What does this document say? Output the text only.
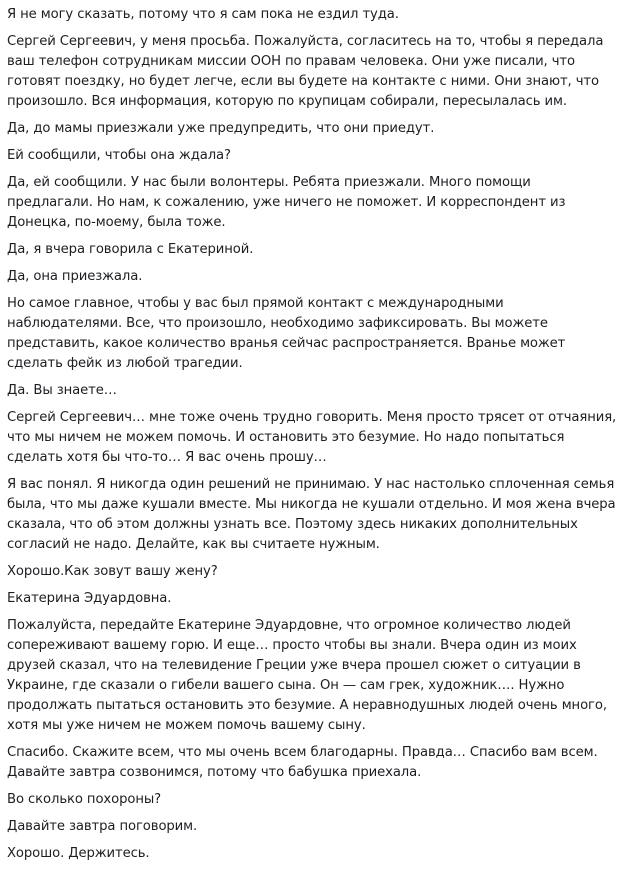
Я не могу сказать, потому что я сам пока не ездил туда.

Сергей Сергеевич, у меня просьба. Пожалуйста, согласитесь на то, чтобы я передала ваш телефон сотрудникам миссии ООН по правам человека. Они уже писали, что готовят поездку, но будет легче, если вы будете на контакте с ними. Они знают, что произошло. Вся информация, которую по крупицам собирали, пересылалась им.

Да, до мамы приезжали уже предупредить, что они приедут.

Ей сообщили, чтобы она ждала?

Да, ей сообщили. У нас были волонтеры. Ребята приезжали. Много помощи предлагали. Но нам, к сожалению, уже ничего не поможет. И корреспондент из Донецка, по-моему, была тоже.

Да, я вчера говорила с Екатериной.

Да, она приезжала.

Но самое главное, чтобы у вас был прямой контакт с международными наблюдателями. Все, что произошло, необходимо зафиксировать. Вы можете представить, какое количество вранья сейчас распространяется. Вранье может сделать фейк из любой трагедии.

Да. Вы знаете…

Сергей Сергеевич… мне тоже очень трудно говорить. Меня просто трясет от отчаяния, что мы ничем не можем помочь. И остановить это безумие. Но надо попытаться сделать хотя бы что-то… Я вас очень прошу…

Я вас понял. Я никогда один решений не принимаю. У нас настолько сплоченная семья была, что мы даже кушали вместе. Мы никогда не кушали отдельно. И моя жена вчера сказала, что об этом должны узнать все. Поэтому здесь никаких дополнительных согласий не надо. Делайте, как вы считаете нужным.

Хорошо.Как зовут вашу жену?

Екатерина Эдуардовна.

Пожалуйста, передайте Екатерине Эдуардовне, что огромное количество людей сопереживают вашему горю. И еще… просто чтобы вы знали. Вчера один из моих друзей сказал, что на телевидение Греции уже вчера прошел сюжет о ситуации в Украине, где сказали о гибели вашего сына. Он — сам грек, художник…. Нужно продолжать пытаться остановить это безумие. А неравнодушных людей очень много, хотя мы уже ничем не можем помочь вашему сыну.

Спасибо. Скажите всем, что мы очень всем благодарны. Правда… Спасибо вам всем. Давайте завтра созвонимся, потому что бабушка приехала.

Во сколько похороны?

Давайте завтра поговорим.

Хорошо. Держитесь.
